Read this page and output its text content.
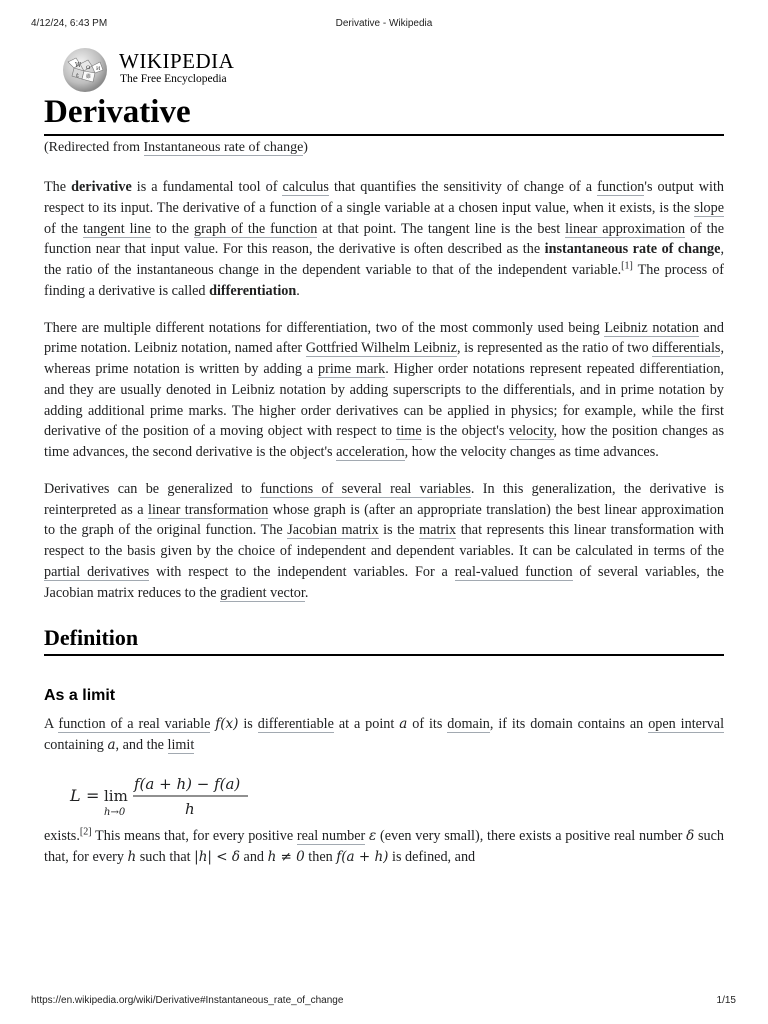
4/12/24, 6:43 PM	Derivative - Wikipedia
W Ω И
ع 維
WIKIPEDIA
The Free Encyclopedia
Derivative
(Redirected from Instantaneous rate of change)

The derivative is a fundamental tool of calculus that quantifies the sensitivity of change of a function's output with respect to its input. The derivative of a function of a single variable at a chosen input value, when it exists, is the slope of the tangent line to the graph of the function at that point. The tangent line is the best linear approximation of the function near that input value. For this reason, the derivative is often described as the instantaneous rate of change, the ratio of the instantaneous change in the dependent variable to that of the independent variable.[1] The process of finding a derivative is called differentiation.

There are multiple different notations for differentiation, two of the most commonly used being Leibniz notation and prime notation. Leibniz notation, named after Gottfried Wilhelm Leibniz, is represented as the ratio of two differentials, whereas prime notation is written by adding a prime mark. Higher order notations represent repeated differentiation, and they are usually denoted in Leibniz notation by adding superscripts to the differentials, and in prime notation by adding additional prime marks. The higher order derivatives can be applied in physics; for example, while the first derivative of the position of a moving object with respect to time is the object's velocity, how the position changes as time advances, the second derivative is the object's acceleration, how the velocity changes as time advances.

Derivatives can be generalized to functions of several real variables. In this generalization, the derivative is reinterpreted as a linear transformation whose graph is (after an appropriate translation) the best linear approximation to the graph of the original function. The Jacobian matrix is the matrix that represents this linear transformation with respect to the basis given by the choice of independent and dependent variables. It can be calculated in terms of the partial derivatives with respect to the independent variables. For a real-valued function of several variables, the Jacobian matrix reduces to the gradient vector.

Definition
As a limit

A function of a real variable f(x) is differentiable at a point a of its domain, if its domain contains an open interval containing a, and the limit

L = lim
h→0
f(a + h) − f(a)
h

exists.[2] This means that, for every positive real number ε (even very small), there exists a positive real number δ such that, for every h such that |h| < δ and h ≠ 0 then f(a + h) is defined, and

https://en.wikipedia.org/wiki/Derivative#Instantaneous_rate_of_change	1/15
